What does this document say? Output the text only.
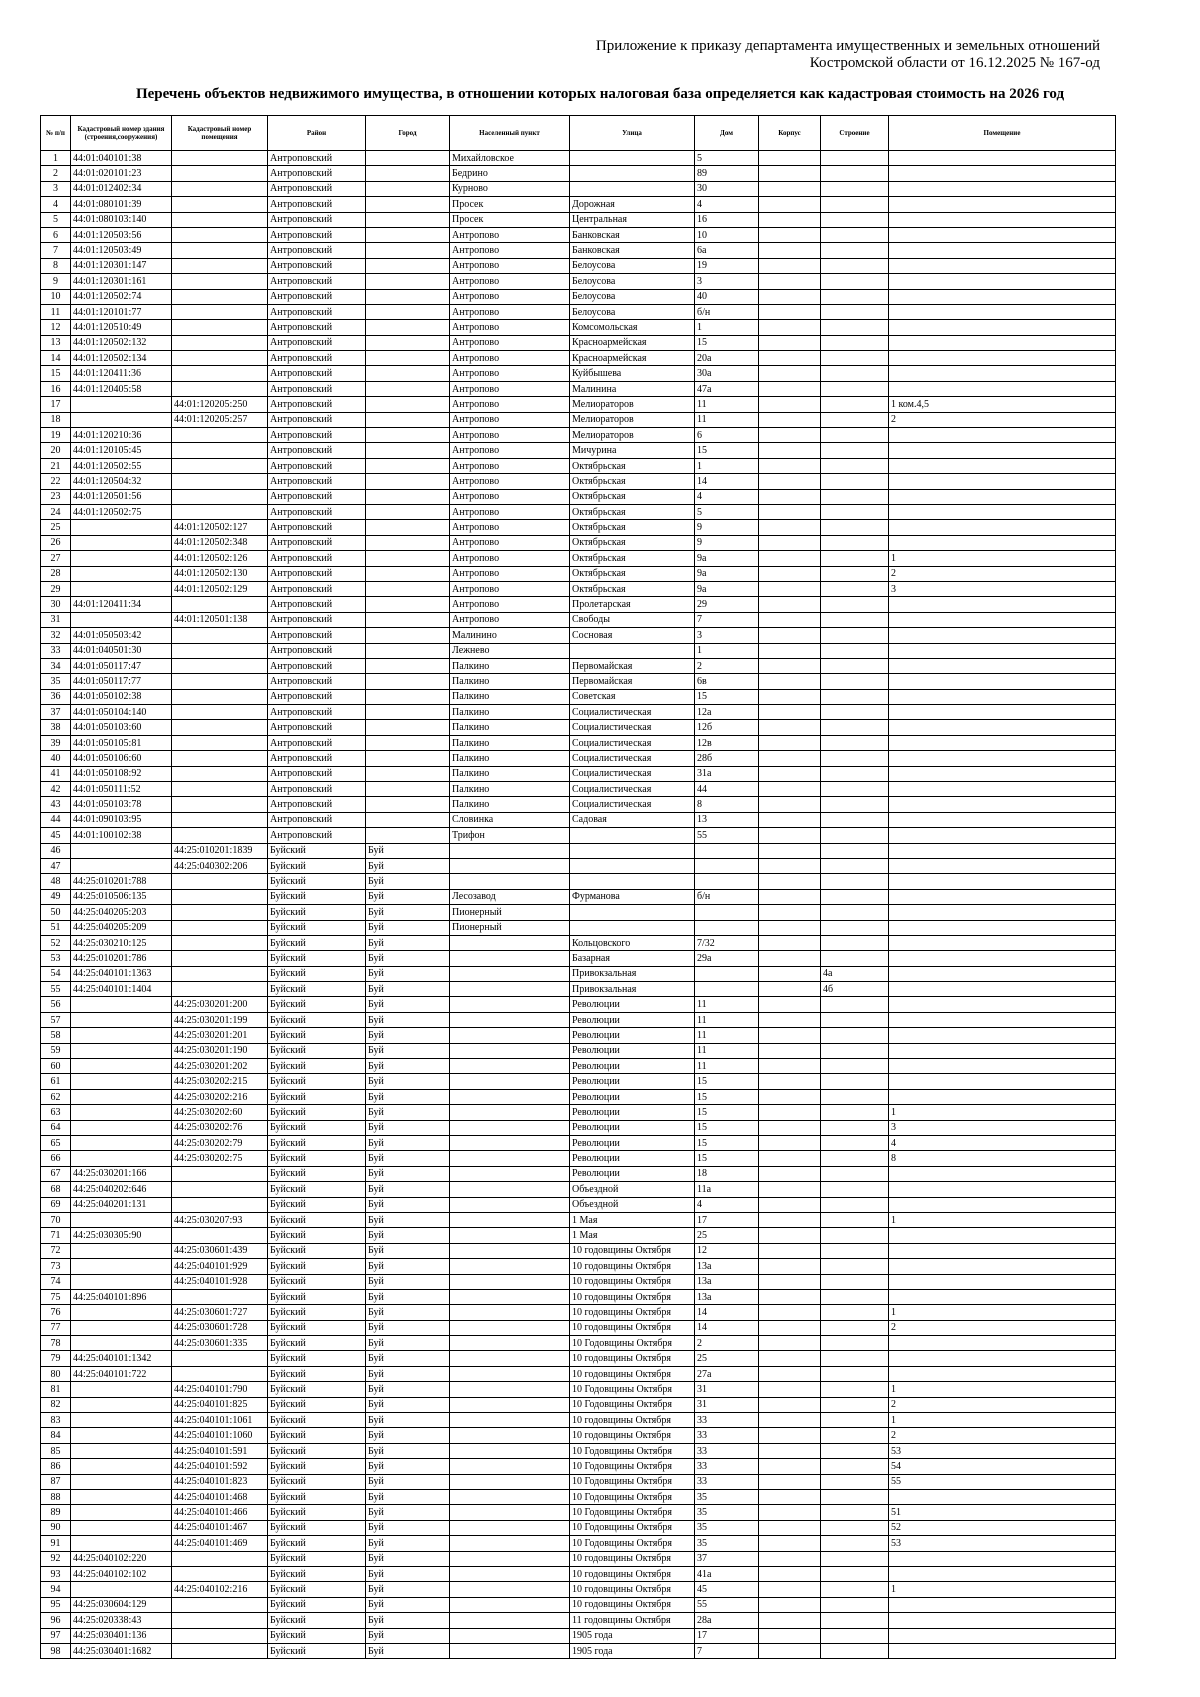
Приложение к приказу департамента имущественных и земельных отношений
Костромской области от 16.12.2025 № 167-од
Перечень объектов недвижимого имущества, в отношении которых налоговая база определяется как кадастровая стоимость на 2026 год
№ п/п	Кадастровый номер здания (строения,сооружения)	Кадастровый номер помещения	Район	Город	Населенный пункт	Улица	Дом	Корпус	Строение	Помещение
1	44:01:040101:38		Антроповский		Михайловское		5			
2	44:01:020101:23		Антроповский		Бедрино		89			
3	44:01:012402:34		Антроповский		Курново		30			
4	44:01:080101:39		Антроповский		Просек	Дорожная	4			
5	44:01:080103:140		Антроповский		Просек	Центральная	16			
6	44:01:120503:56		Антроповский		Антропово	Банковская	10			
7	44:01:120503:49		Антроповский		Антропово	Банковская	6а			
8	44:01:120301:147		Антроповский		Антропово	Белоусова	19			
9	44:01:120301:161		Антроповский		Антропово	Белоусова	3			
10	44:01:120502:74		Антроповский		Антропово	Белоусова	40			
11	44:01:120101:77		Антроповский		Антропово	Белоусова	б/н			
12	44:01:120510:49		Антроповский		Антропово	Комсомольская	1			
13	44:01:120502:132		Антроповский		Антропово	Красноармейская	15			
14	44:01:120502:134		Антроповский		Антропово	Красноармейская	20а			
15	44:01:120411:36		Антроповский		Антропово	Куйбышева	30а			
16	44:01:120405:58		Антроповский		Антропово	Малинина	47а			
17		44:01:120205:250	Антроповский		Антропово	Мелиораторов	11			1 ком.4,5
18		44:01:120205:257	Антроповский		Антропово	Мелиораторов	11			2
19	44:01:120210:36		Антроповский		Антропово	Мелиораторов	6			
20	44:01:120105:45		Антроповский		Антропово	Мичурина	15			
21	44:01:120502:55		Антроповский		Антропово	Октябрьская	1			
22	44:01:120504:32		Антроповский		Антропово	Октябрьская	14			
23	44:01:120501:56		Антроповский		Антропово	Октябрьская	4			
24	44:01:120502:75		Антроповский		Антропово	Октябрьская	5			
25		44:01:120502:127	Антроповский		Антропово	Октябрьская	9			
26		44:01:120502:348	Антроповский		Антропово	Октябрьская	9			
27		44:01:120502:126	Антроповский		Антропово	Октябрьская	9а			1
28		44:01:120502:130	Антроповский		Антропово	Октябрьская	9а			2
29		44:01:120502:129	Антроповский		Антропово	Октябрьская	9а			3
30	44:01:120411:34		Антроповский		Антропово	Пролетарская	29			
31		44:01:120501:138	Антроповский		Антропово	Свободы	7			
32	44:01:050503:42		Антроповский		Малинино	Сосновая	3			
33	44:01:040501:30		Антроповский		Лежнево		1			
34	44:01:050117:47		Антроповский		Палкино	Первомайская	2			
35	44:01:050117:77		Антроповский		Палкино	Первомайская	6в			
36	44:01:050102:38		Антроповский		Палкино	Советская	15			
37	44:01:050104:140		Антроповский		Палкино	Социалистическая	12а			
38	44:01:050103:60		Антроповский		Палкино	Социалистическая	12б			
39	44:01:050105:81		Антроповский		Палкино	Социалистическая	12в			
40	44:01:050106:60		Антроповский		Палкино	Социалистическая	28б			
41	44:01:050108:92		Антроповский		Палкино	Социалистическая	31а			
42	44:01:050111:52		Антроповский		Палкино	Социалистическая	44			
43	44:01:050103:78		Антроповский		Палкино	Социалистическая	8			
44	44:01:090103:95		Антроповский		Словинка	Садовая	13			
45	44:01:100102:38		Антроповский		Трифон		55			
46		44:25:010201:1839	Буйский	Буй						
47		44:25:040302:206	Буйский	Буй						
48	44:25:010201:788		Буйский	Буй						
49	44:25:010506:135		Буйский	Буй	Лесозавод	Фурманова	б/н			
50	44:25:040205:203		Буйский	Буй	Пионерный					
51	44:25:040205:209		Буйский	Буй	Пионерный					
52	44:25:030210:125		Буйский	Буй		Кольцовского	7/32			
53	44:25:010201:786		Буйский	Буй		Базарная	29а			
54	44:25:040101:1363		Буйский	Буй		Привокзальная			4а	
55	44:25:040101:1404		Буйский	Буй		Привокзальная			4б	
56		44:25:030201:200	Буйский	Буй		Революции	11			
57		44:25:030201:199	Буйский	Буй		Революции	11			
58		44:25:030201:201	Буйский	Буй		Революции	11			
59		44:25:030201:190	Буйский	Буй		Революции	11			
60		44:25:030201:202	Буйский	Буй		Революции	11			
61		44:25:030202:215	Буйский	Буй		Революции	15			
62		44:25:030202:216	Буйский	Буй		Революции	15			
63		44:25:030202:60	Буйский	Буй		Революции	15			1
64		44:25:030202:76	Буйский	Буй		Революции	15			3
65		44:25:030202:79	Буйский	Буй		Революции	15			4
66		44:25:030202:75	Буйский	Буй		Революции	15			8
67	44:25:030201:166		Буйский	Буй		Революции	18			
68	44:25:040202:646		Буйский	Буй		Объездной	11а			
69	44:25:040201:131		Буйский	Буй		Объездной	4			
70		44:25:030207:93	Буйский	Буй		1 Мая	17			1
71	44:25:030305:90		Буйский	Буй		1 Мая	25			
72		44:25:030601:439	Буйский	Буй		10 годовщины Октября	12			
73		44:25:040101:929	Буйский	Буй		10 годовщины Октября	13а			
74		44:25:040101:928	Буйский	Буй		10 годовщины Октября	13а			
75	44:25:040101:896		Буйский	Буй		10 годовщины Октября	13а			
76		44:25:030601:727	Буйский	Буй		10 годовщины Октября	14			1
77		44:25:030601:728	Буйский	Буй		10 годовщины Октября	14			2
78		44:25:030601:335	Буйский	Буй		10 Годовщины Октября	2			
79	44:25:040101:1342		Буйский	Буй		10 годовщины Октября	25			
80	44:25:040101:722		Буйский	Буй		10 годовщины Октября	27а			
81		44:25:040101:790	Буйский	Буй		10 Годовщины Октября	31			1
82		44:25:040101:825	Буйский	Буй		10 Годовщины Октября	31			2
83		44:25:040101:1061	Буйский	Буй		10 годовщины Октября	33			1
84		44:25:040101:1060	Буйский	Буй		10 годовщины Октября	33			2
85		44:25:040101:591	Буйский	Буй		10 Годовщины Октября	33			53
86		44:25:040101:592	Буйский	Буй		10 Годовщины Октября	33			54
87		44:25:040101:823	Буйский	Буй		10 Годовщины Октября	33			55
88		44:25:040101:468	Буйский	Буй		10 Годовщины Октября	35			
89		44:25:040101:466	Буйский	Буй		10 Годовщины Октября	35			51
90		44:25:040101:467	Буйский	Буй		10 Годовщины Октября	35			52
91		44:25:040101:469	Буйский	Буй		10 Годовщины Октября	35			53
92	44:25:040102:220		Буйский	Буй		10 годовщины Октября	37			
93	44:25:040102:102		Буйский	Буй		10 годовщины Октября	41а			
94		44:25:040102:216	Буйский	Буй		10 годовщины Октября	45			1
95	44:25:030604:129		Буйский	Буй		10 годовщины Октября	55			
96	44:25:020338:43		Буйский	Буй		11 годовщины Октября	28а			
97	44:25:030401:136		Буйский	Буй		1905 года	17			
98	44:25:030401:1682		Буйский	Буй		1905 года	7			
